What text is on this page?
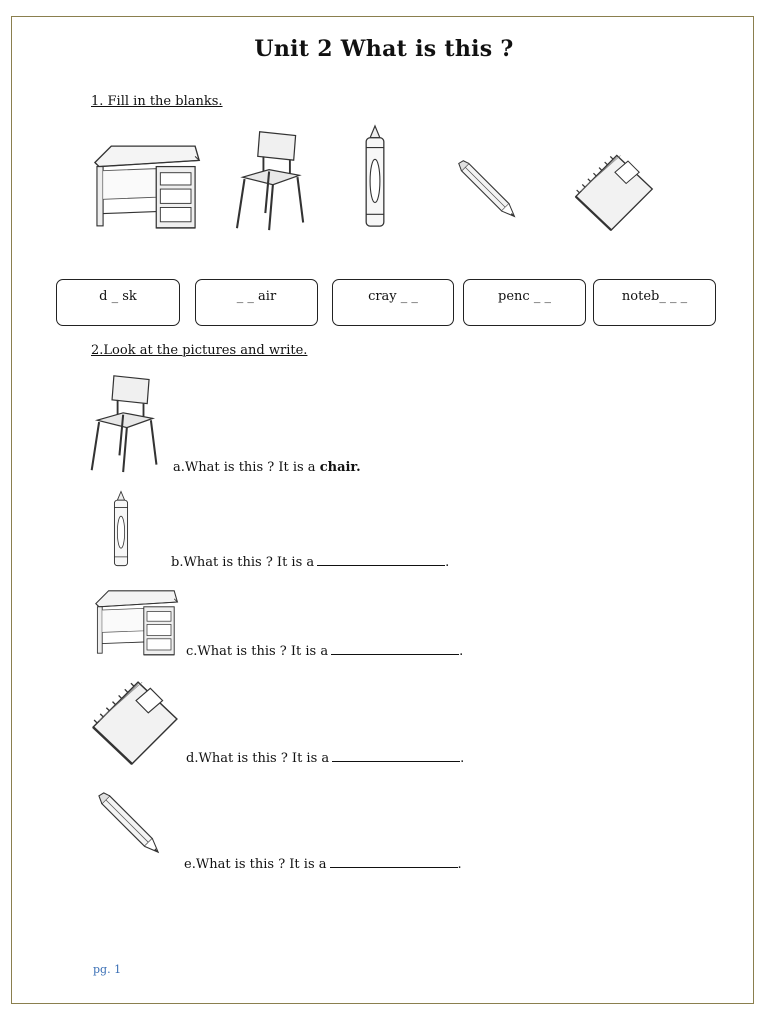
Unit 2 What is this ?
1. Fill in the blanks.
d _ sk	_ _ air	cray _ _	penc _ _	noteb_ _ _
2.Look at the pictures and write.
a.What is this ? It is a chair.
b.What is this ? It is a	.
c.What is this ? It is a	.
d.What is this ? It is a	.
e.What is this ? It is a	.
pg. 1
